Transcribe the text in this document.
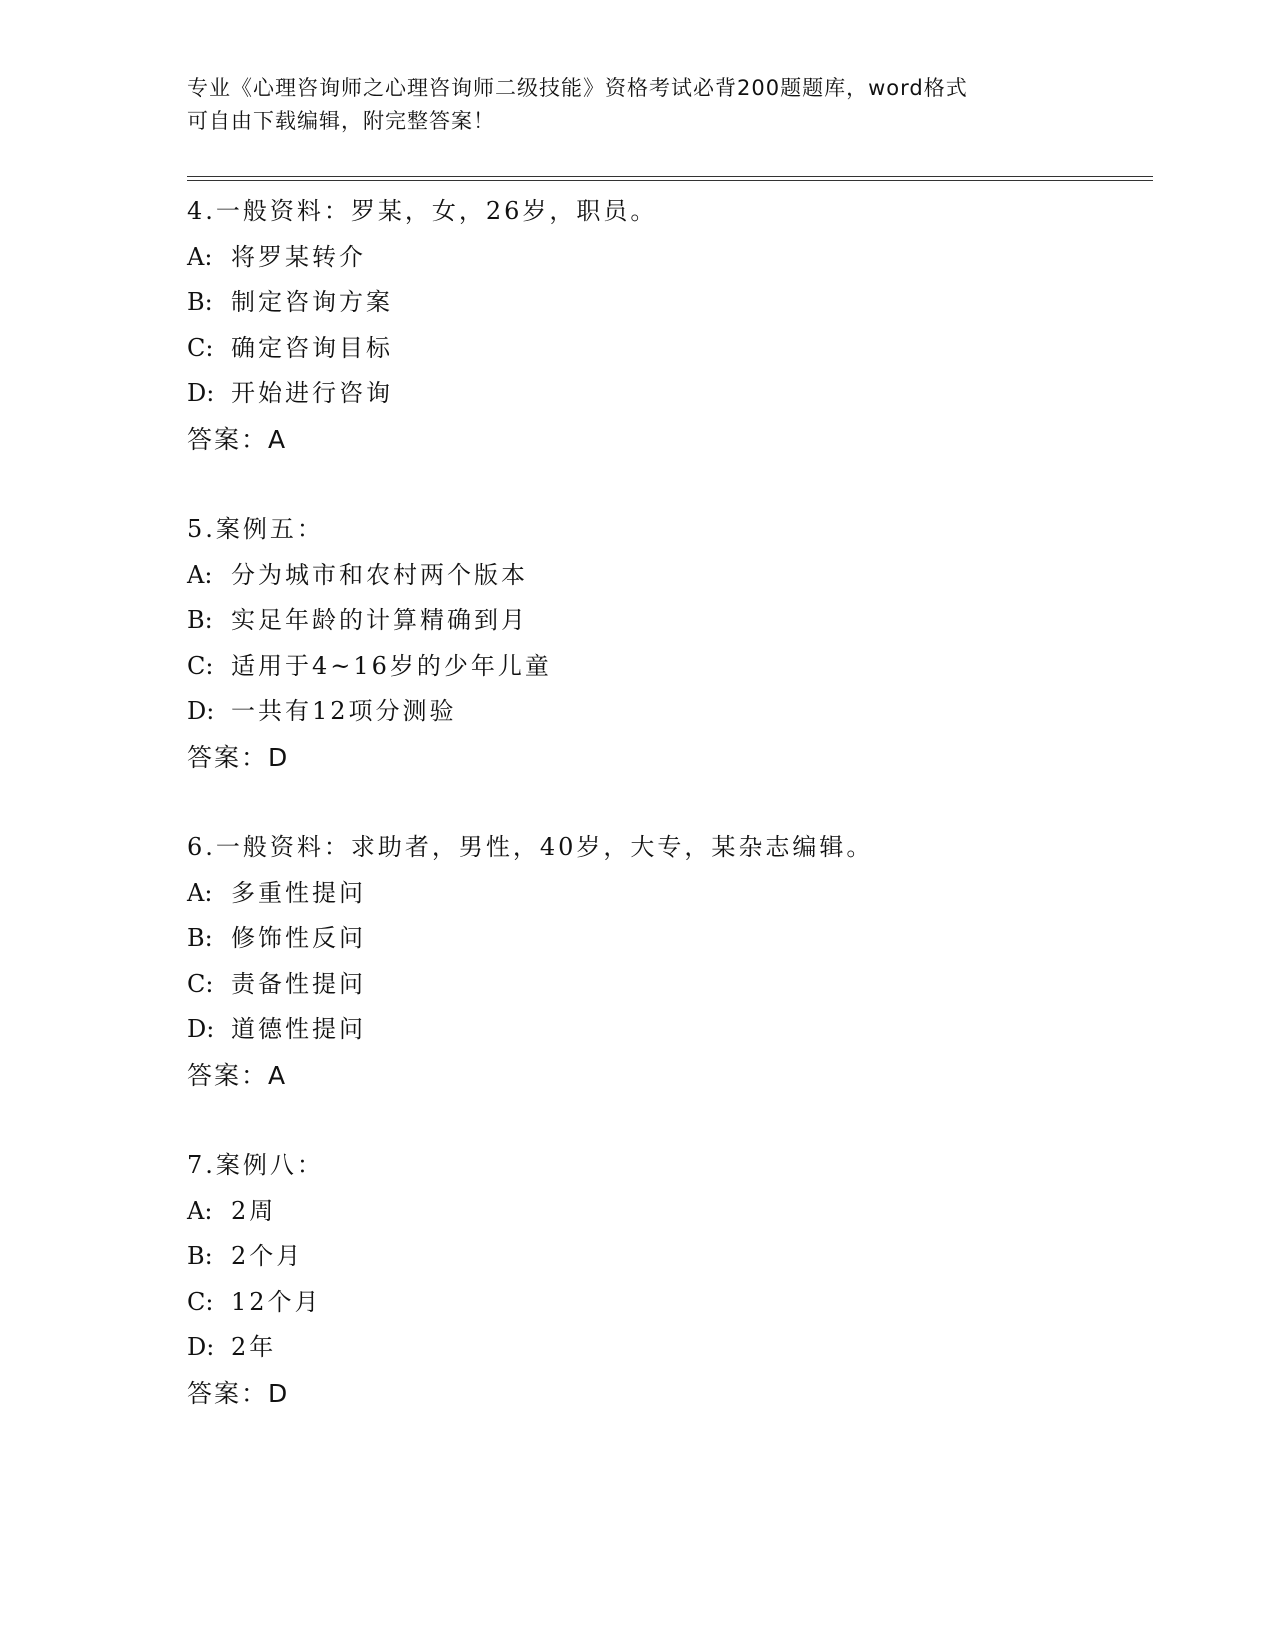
专业《心理咨询师之心理咨询师二级技能》资格考试必背200题题库，word格式
可自由下载编辑，附完整答案！
4.一般资料：罗某，女，26岁，职员。
A: 将罗某转介
B: 制定咨询方案
C: 确定咨询目标
D: 开始进行咨询
答案：A
5.案例五：
A: 分为城市和农村两个版本
B: 实足年龄的计算精确到月
C: 适用于4~16岁的少年儿童
D: 一共有12项分测验
答案：D
6.一般资料：求助者，男性，40岁，大专，某杂志编辑。
A: 多重性提问
B: 修饰性反问
C: 责备性提问
D: 道德性提问
答案：A
7.案例八：
A: 2周
B: 2个月
C: 12个月
D: 2年
答案：D
